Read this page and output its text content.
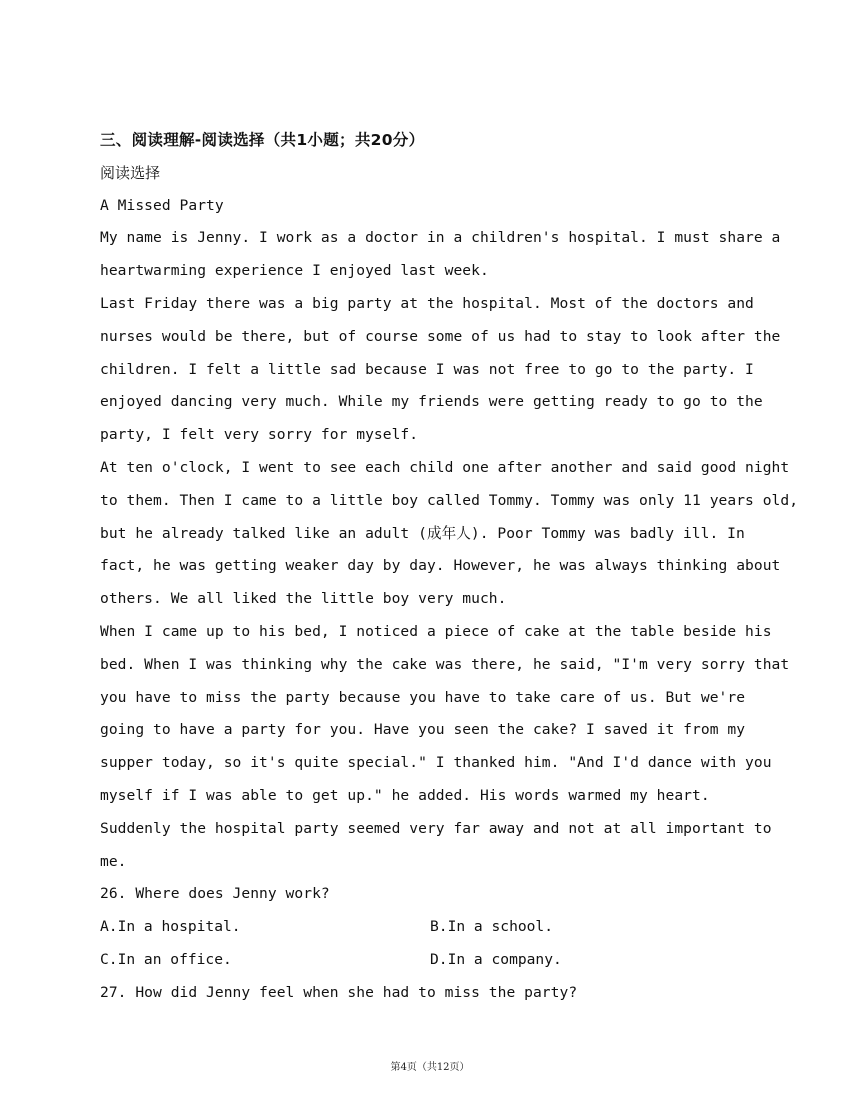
三、阅读理解-阅读选择（共1小题；共20分）
阅读选择
A Missed Party
My name is Jenny. I work as a doctor in a children's hospital. I must share a
heartwarming experience I enjoyed last week.
Last Friday there was a big party at the hospital. Most of the doctors and
nurses would be there, but of course some of us had to stay to look after the
children. I felt a little sad because I was not free to go to the party. I
enjoyed dancing very much. While my friends were getting ready to go to the
party, I felt very sorry for myself.
At ten o'clock, I went to see each child one after another and said good night
to them. Then I came to a little boy called Tommy. Tommy was only 11 years old,
but he already talked like an adult (成年人). Poor Tommy was badly ill. In
fact, he was getting weaker day by day. However, he was always thinking about
others. We all liked the little boy very much.
When I came up to his bed, I noticed a piece of cake at the table beside his
bed. When I was thinking why the cake was there, he said, "I'm very sorry that
you have to miss the party because you have to take care of us. But we're
going to have a party for you. Have you seen the cake? I saved it from my
supper today, so it's quite special." I thanked him. "And I'd dance with you
myself if I was able to get up." he added. His words warmed my heart.
Suddenly the hospital party seemed very far away and not at all important to
me.
26. Where does Jenny work?

A.In a hospital.

	B.In a school.

C.In an office.

	D.In a company.

27. How did Jenny feel when she had to miss the party?
第4页（共12页）
